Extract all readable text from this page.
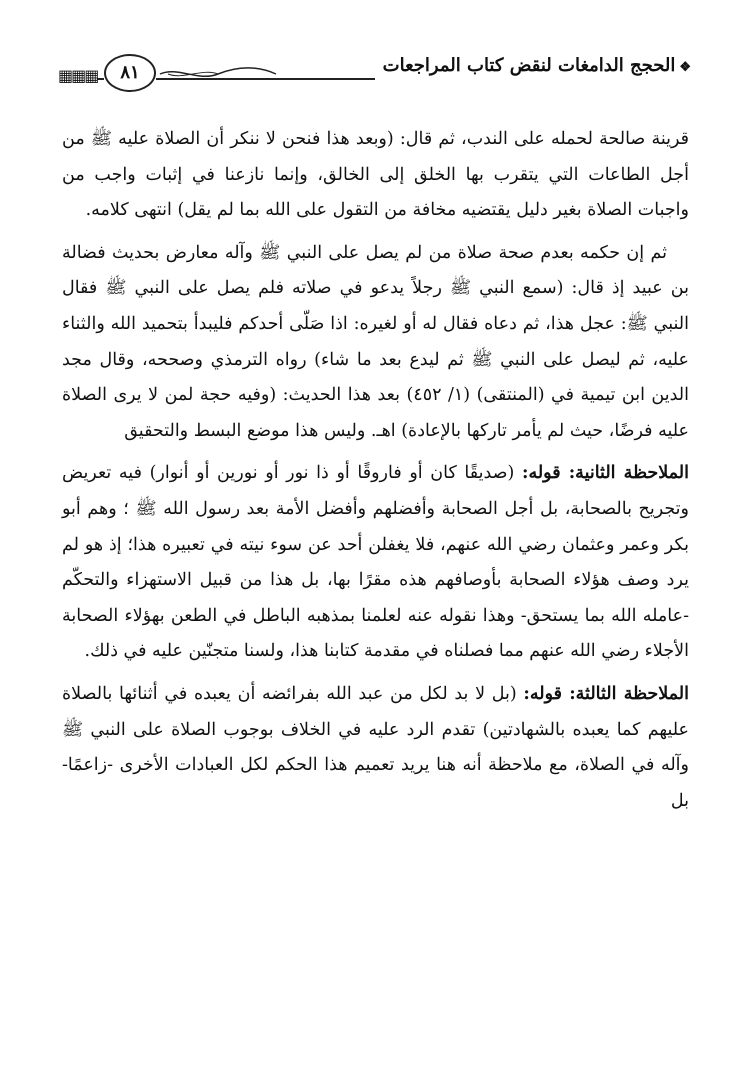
❖الحجج الدامغات لنقض كتاب المراجعات
٨١
▦▦▦

قرينة صالحة لحمله على الندب، ثم قال: (وبعد هذا فنحن لا ننكر أن الصلاة عليه ﷺ من أجل الطاعات التي يتقرب بها الخلق إلى الخالق، وإنما نازعنا في إثبات واجب من واجبات الصلاة بغير دليل يقتضيه مخافة من التقول على الله بما لم يقل) انتهى كلامه.

ثم إن حكمه بعدم صحة صلاة من لم يصل على النبي ﷺ وآله معارض بحديث فضالة بن عبيد إذ قال: (سمع النبي ﷺ رجلاً يدعو في صلاته فلم يصل على النبي ﷺ فقال النبي ﷺ: عجل هذا، ثم دعاه فقال له أو لغيره: اذا صَلّى أحدكم فليبدأ بتحميد الله والثناء عليه، ثم ليصل على النبي ﷺ ثم ليدع بعد ما شاء) رواه الترمذي وصححه، وقال مجد الدين ابن تيمية في (المنتقى) (١/ ٤٥٢) بعد هذا الحديث: (وفيه حجة لمن لا يرى الصلاة عليه فرضًا، حيث لم يأمر تاركها بالإعادة) اهـ. وليس هذا موضع البسط والتحقيق

الملاحظة الثانية: قوله: (صديقًا كان أو فاروقًا أو ذا نور أو نورين أو أنوار) فيه تعريض وتجريح بالصحابة، بل أجل الصحابة وأفضلهم وأفضل الأمة بعد رسول الله ﷺ ؛ وهم أبو بكر وعمر وعثمان رضي الله عنهم، فلا يغفلن أحد عن سوء نيته في تعبيره هذا؛ إذ هو لم يرد وصف هؤلاء الصحابة بأوصافهم هذه مقرًا بها، بل هذا من قبيل الاستهزاء والتحكّم -عامله الله بما يستحق- وهذا نقوله عنه لعلمنا بمذهبه الباطل في الطعن بهؤلاء الصحابة الأجلاء رضي الله عنهم مما فصلناه في مقدمة كتابنا هذا، ولسنا متجنّين عليه في ذلك.

الملاحظة الثالثة: قوله: (بل لا بد لكل من عبد الله بفرائضه أن يعبده في أثنائها بالصلاة عليهم كما يعبده بالشهادتين) تقدم الرد عليه في الخلاف بوجوب الصلاة على النبي ﷺ وآله في الصلاة، مع ملاحظة أنه هنا يريد تعميم هذا الحكم لكل العبادات الأخرى -زاعمًا- بل
